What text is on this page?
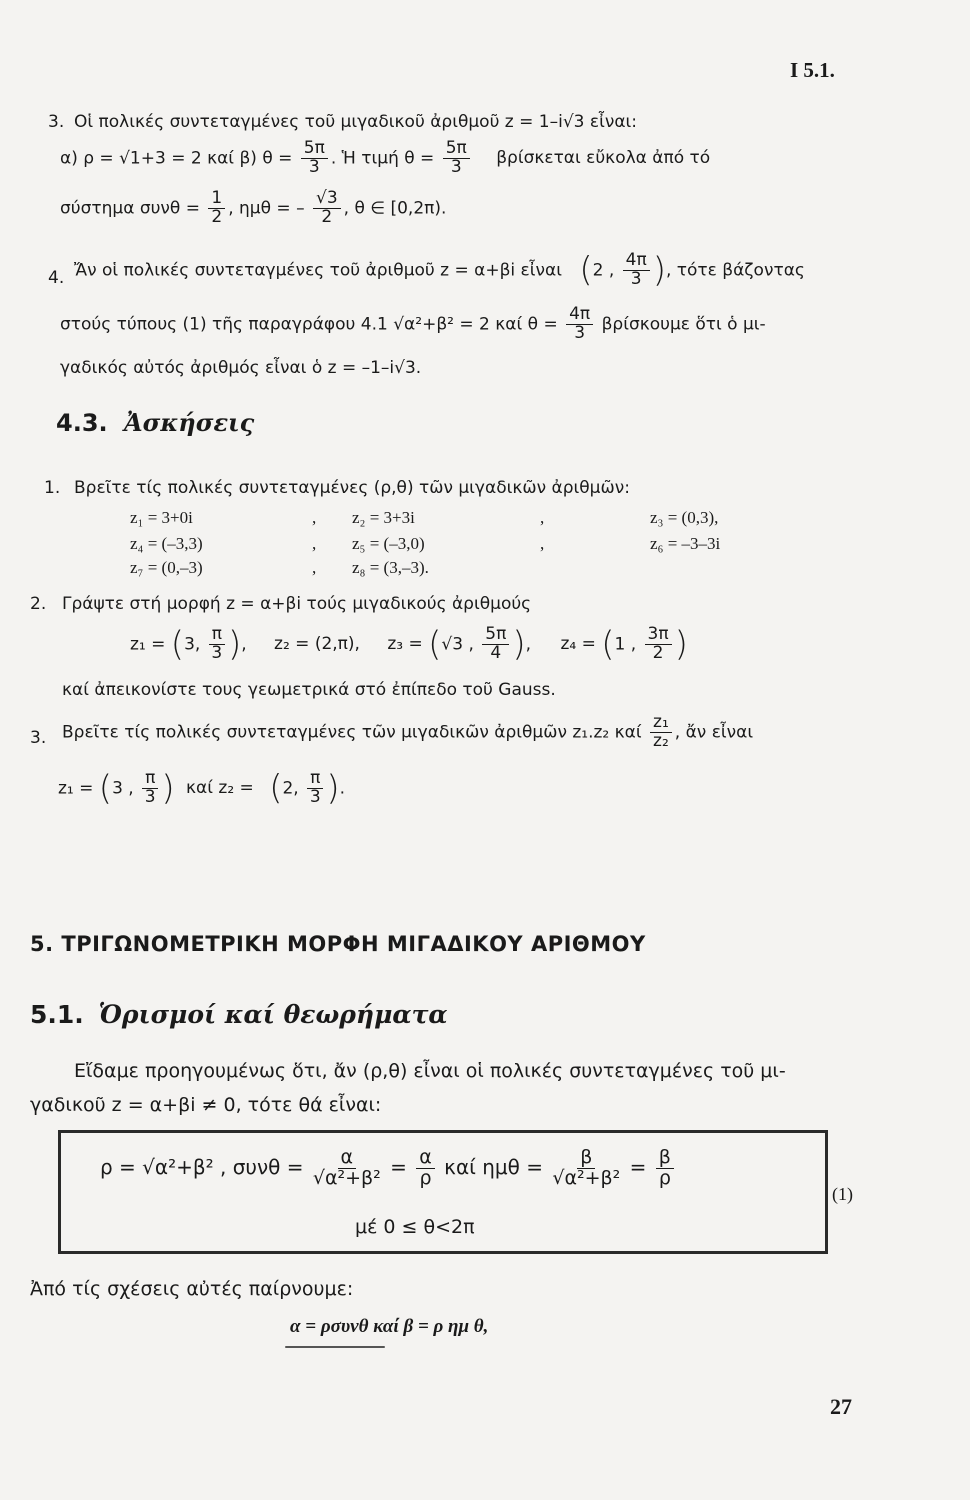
Ι 5.1.
3. Οἱ πολικές συντεταγμένες τοῦ μιγαδικοῦ ἀριθμοῦ z = 1–i√3 εἶναι:
α) ρ = √1+3 = 2 καί β) $\theta = \frac{5\pi}{3}$ . Ἡ τιμή $\theta = \frac{5\pi}{3}$ βρίσκεται εὔκολα ἀπό τό
σύστημα $\sigma\upsilon\nu\theta = \frac{1}{2}$ , ημθ = – $\frac{√3}{2}$ , θ ∈ [0,2π).
4. Ἄν οἱ πολικές συντεταγμένες τοῦ ἀριθμοῦ z = α+βi εἶναι (2 , $\frac{4\pi}{3}$ ), τότε βάζοντας
στούς τύπους (1) τῆς παραγράφου 4.1 √α²+β² = 2 καί $\theta = \frac{4\pi}{3}$ βρίσκουμε ὅτι ὁ μι-
γαδικός αὐτός ἀριθμός εἶναι ὁ z = –1–i√3.
4.3. Ἀσκήσεις
1. Βρεῖτε τίς πολικές συντεταγμένες (ρ,θ) τῶν μιγαδικῶν ἀριθμῶν:
z₁ = 3+0i	, z₂ = 3+3i	,	z₃ = (0,3),
z₄ = (–3,3)	, z₅ = (–3,0)	,	z₆ = –3–3i
z₇ = (0,–3)	, z₈ = (3,–3).
2. Γράψτε στή μορφή z = α+βi τούς μιγαδικούς ἀριθμούς
z₁ = (3, $\frac{\pi}{3}$ ), z₂ = (2,π), z₃ = (√3 , $\frac{5\pi}{4}$ ), z₄ = (1 , $\frac{3\pi}{2}$ )
καί ἀπεικονίστε τους γεωμετρικά στό ἐπίπεδο τοῦ Gauss.
3. Βρεῖτε τίς πολικές συντεταγμένες τῶν μιγαδικῶν ἀριθμῶν z₁.z₂ καί $\frac{\text{z₁}}{\text{z₂}}$ , ἄν εἶναι
z₁ = (3 , $\frac{\pi}{3}$ ) καί z₂ = (2, $\frac{\pi}{3}$ ).
5. ΤΡΙΓΩΝΟΜΕΤΡΙΚΗ ΜΟΡΦΗ ΜΙΓΑΔΙΚΟΥ ΑΡΙΘΜΟΥ
5.1. Ὁρισμοί καί θεωρήματα
Εἴδαμε προηγουμένως ὅτι, ἄν (ρ,θ) εἶναι οἱ πολικές συντεταγμένες τοῦ μι-
γαδικοῦ z = α+βi ≠ 0, τότε θά εἶναι:
ρ = √α²+β² , $\sigma\upsilon\nu\theta = \frac{\alpha}{\text{√α²+β²}} = \frac{\alpha}{\rho}$ καί $\eta\mu\theta = \frac{\beta}{\text{√α²+β²}} = \frac{\beta}{\rho}$
μέ 0 ≤ θ<2π
(1)
Ἀπό τίς σχέσεις αὐτές παίρνουμε:
α = ρσυνθ καί β = ρ ημ θ,
27
